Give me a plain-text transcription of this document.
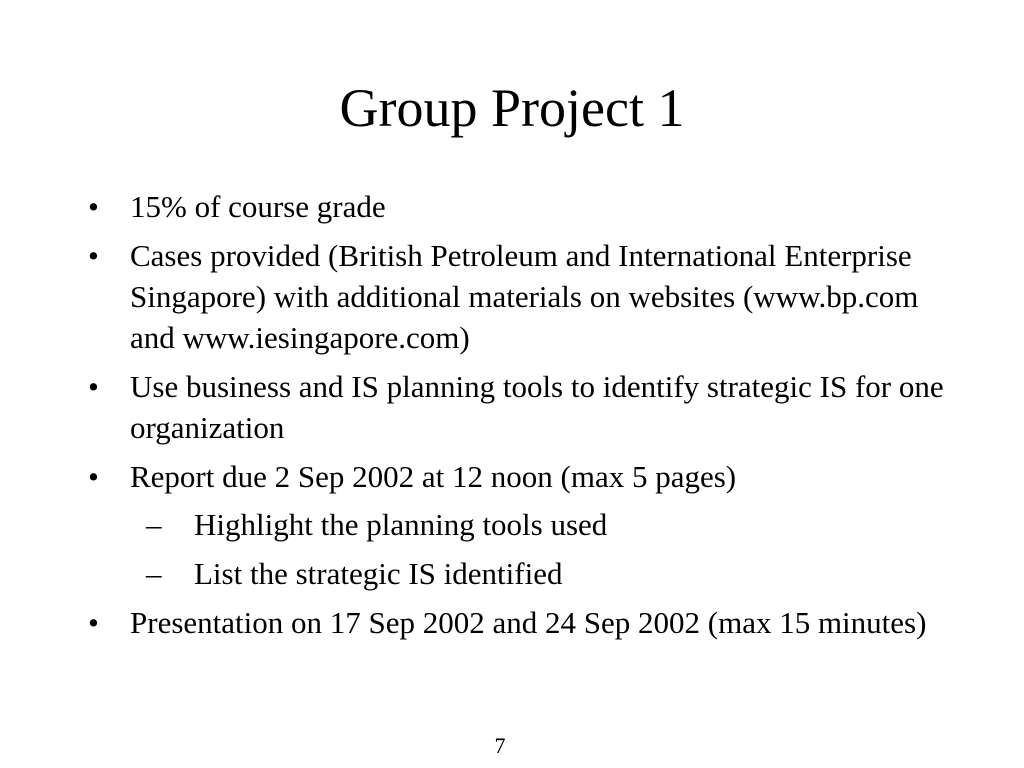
Group Project 1
•	15% of course grade
•	Cases provided (British Petroleum and International Enterprise Singapore) with additional materials on websites (www.bp.com and www.iesingapore.com)
•	Use business and IS planning tools to identify strategic IS for one organization
•	Report due 2 Sep 2002 at 12 noon (max 5 pages)
– Highlight the planning tools used
– List the strategic IS identified
•	Presentation on 17 Sep 2002 and 24 Sep 2002 (max 15 minutes)
7
